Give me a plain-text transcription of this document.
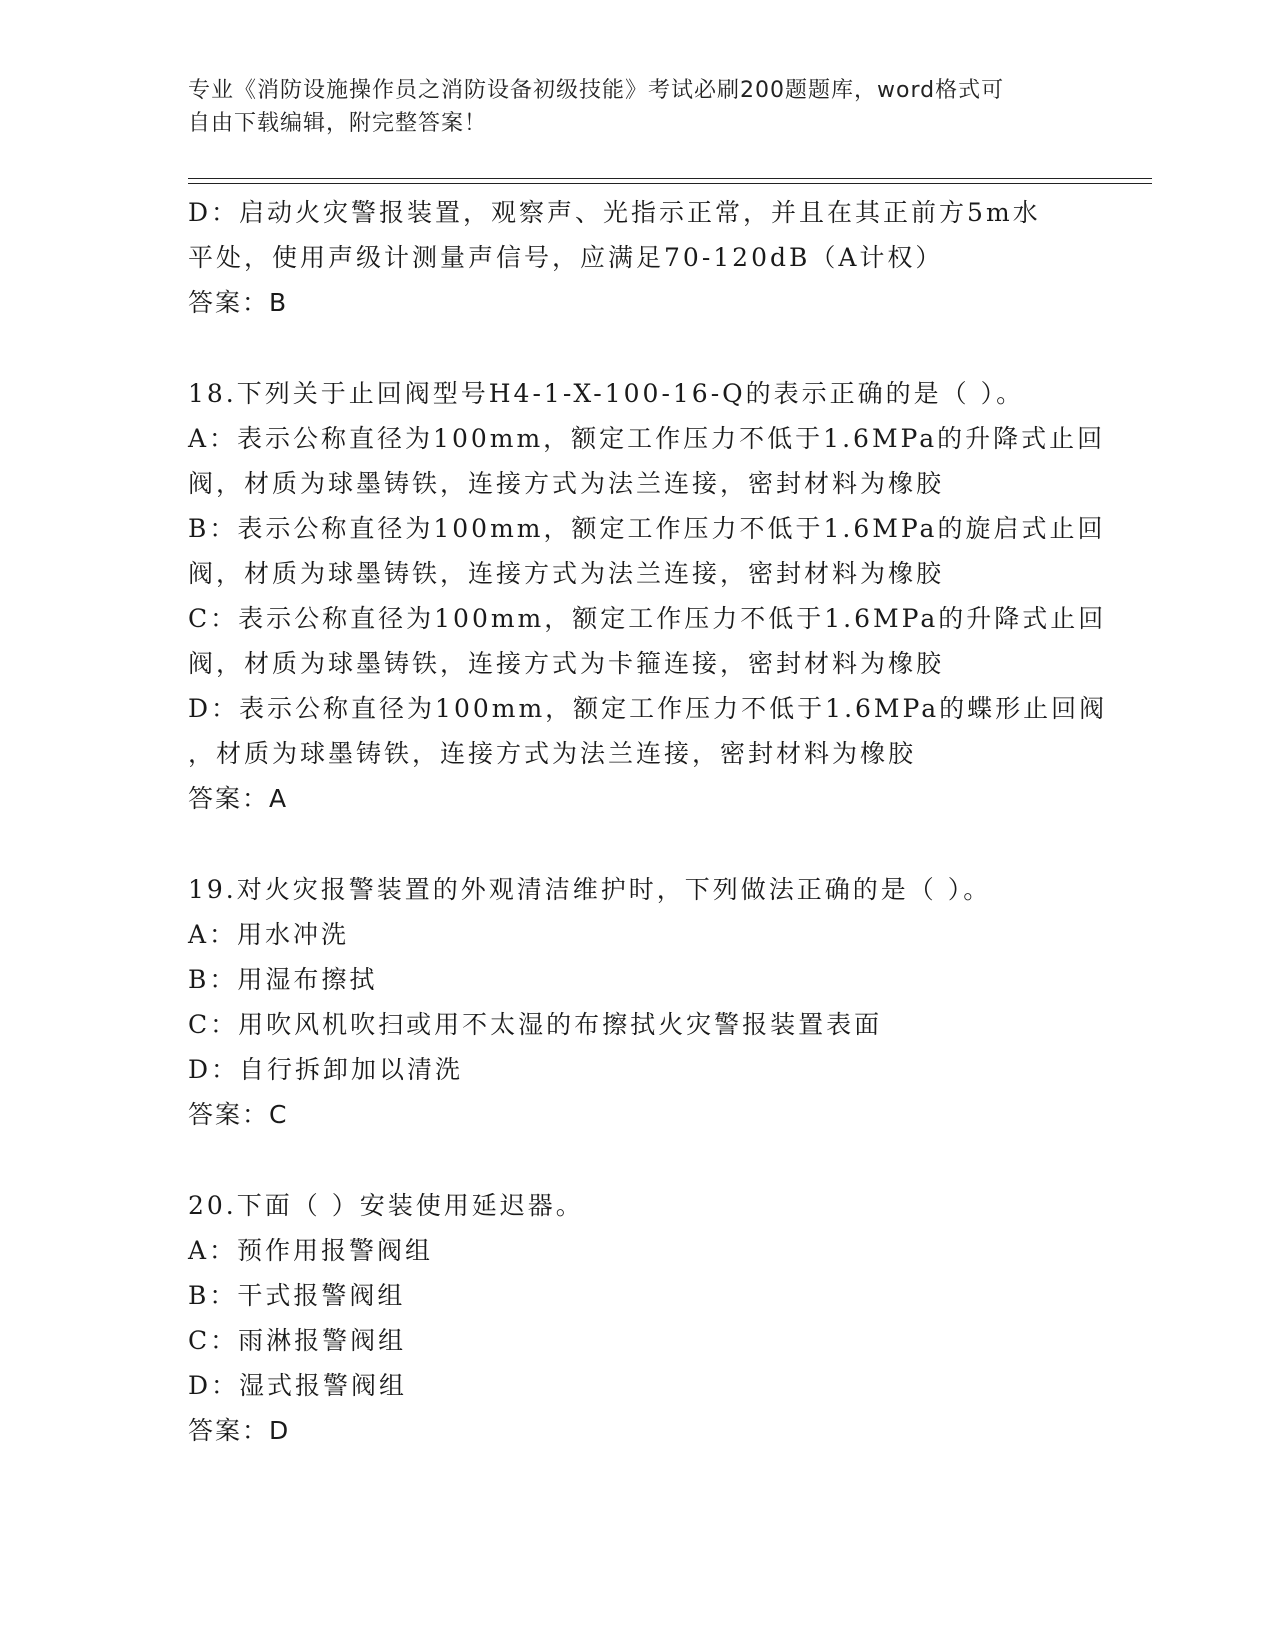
专业《消防设施操作员之消防设备初级技能》考试必刷200题题库，word格式可
自由下载编辑，附完整答案！
D：启动火灾警报装置，观察声、光指示正常，并且在其正前方5m水
平处，使用声级计测量声信号，应满足70-120dB（A计权）
答案：B
18.下列关于止回阀型号H4-1-X-100-16-Q的表示正确的是（ ）。
A：表示公称直径为100mm，额定工作压力不低于1.6MPa的升降式止回
阀，材质为球墨铸铁，连接方式为法兰连接，密封材料为橡胶
B：表示公称直径为100mm，额定工作压力不低于1.6MPa的旋启式止回
阀，材质为球墨铸铁，连接方式为法兰连接，密封材料为橡胶
C：表示公称直径为100mm，额定工作压力不低于1.6MPa的升降式止回
阀，材质为球墨铸铁，连接方式为卡箍连接，密封材料为橡胶
D：表示公称直径为100mm，额定工作压力不低于1.6MPa的蝶形止回阀
，材质为球墨铸铁，连接方式为法兰连接，密封材料为橡胶
答案：A
19.对火灾报警装置的外观清洁维护时，下列做法正确的是（ ）。
A：用水冲洗
B：用湿布擦拭
C：用吹风机吹扫或用不太湿的布擦拭火灾警报装置表面
D：自行拆卸加以清洗
答案：C
20.下面（ ）安装使用延迟器。
A：预作用报警阀组
B：干式报警阀组
C：雨淋报警阀组
D：湿式报警阀组
答案：D
